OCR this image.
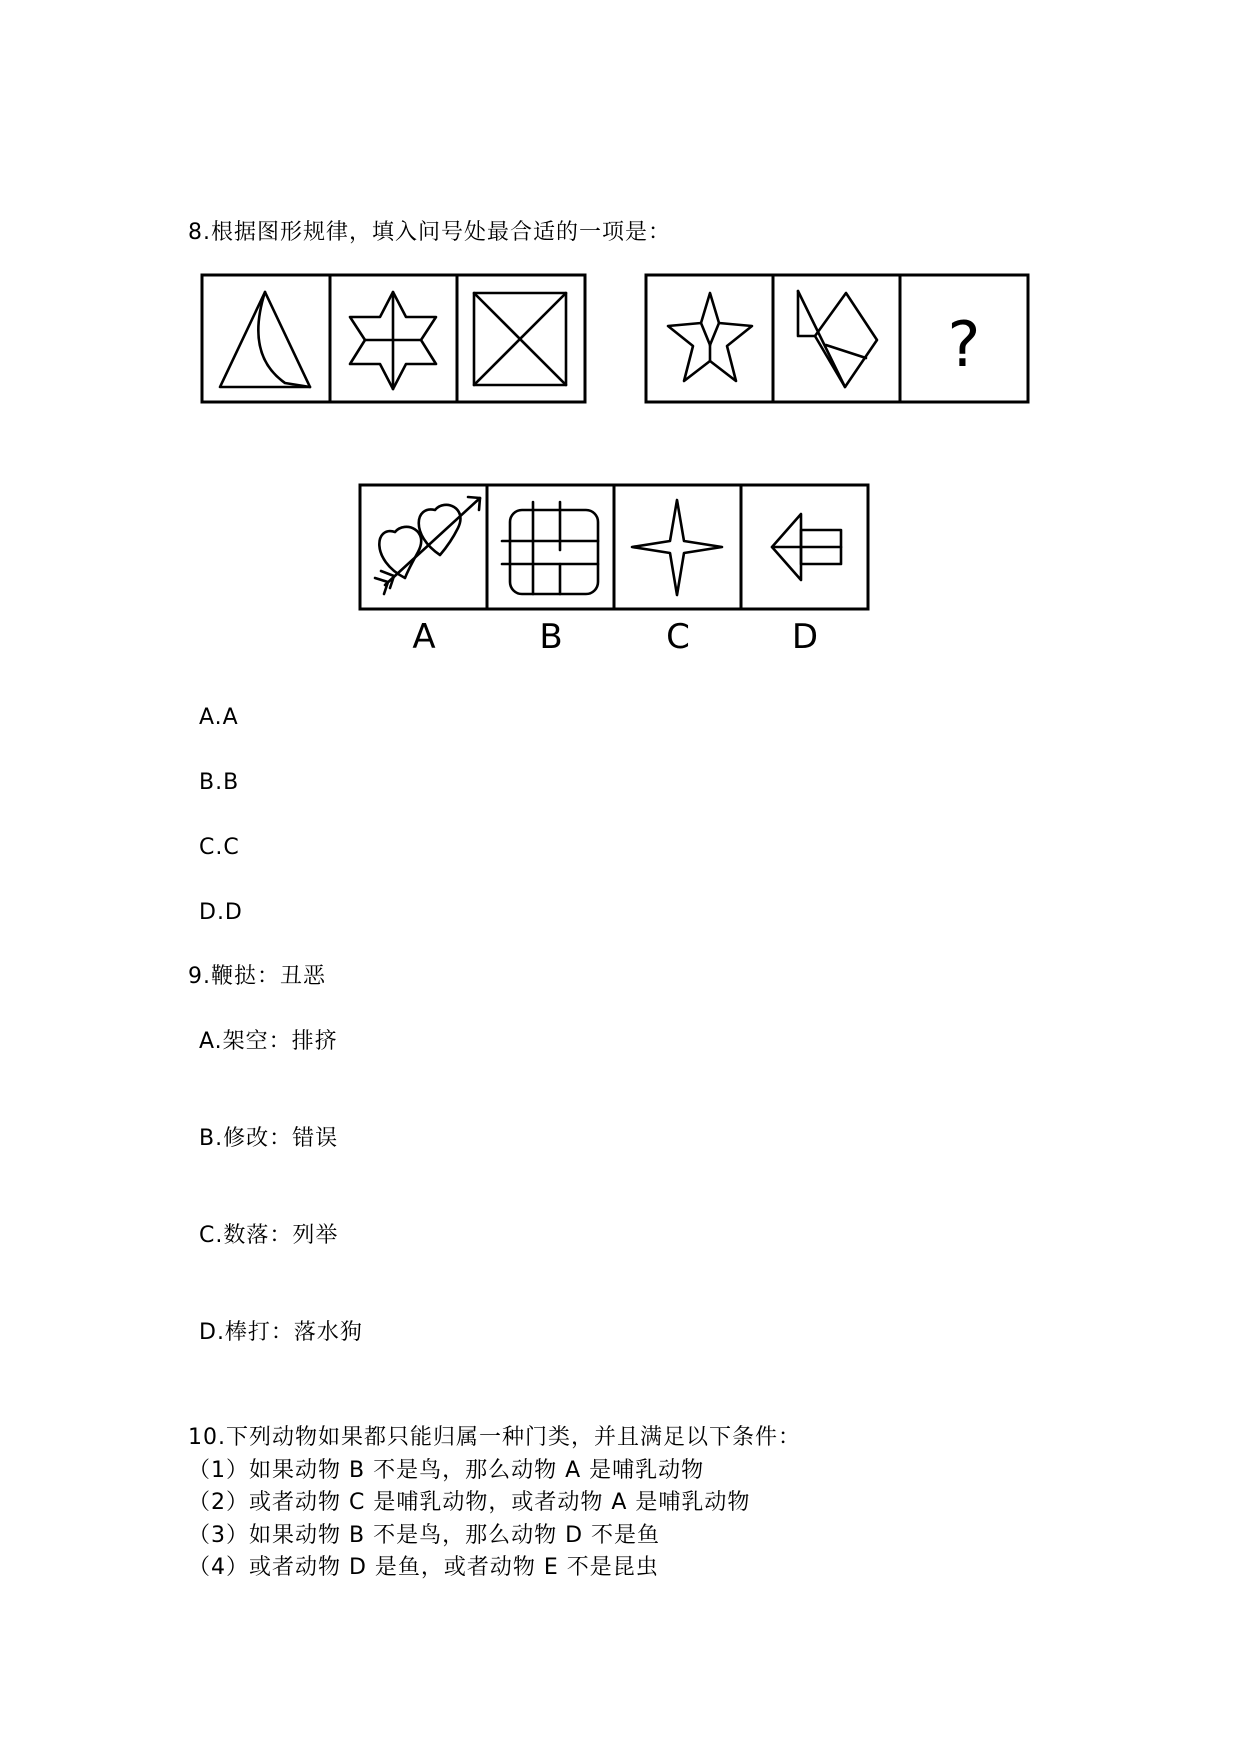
8.根据图形规律，填入问号处最合适的一项是：
?
A	B	C	D
A.A
B.B
C.C
D.D
9.鞭挞：丑恶
A.架空：排挤
B.修改：错误
C.数落：列举
D.棒打：落水狗
10.下列动物如果都只能归属一种门类，并且满足以下条件：
（1）如果动物 B 不是鸟，那么动物 A 是哺乳动物
（2）或者动物 C 是哺乳动物，或者动物 A 是哺乳动物
（3）如果动物 B 不是鸟，那么动物 D 不是鱼
（4）或者动物 D 是鱼，或者动物 E 不是昆虫
